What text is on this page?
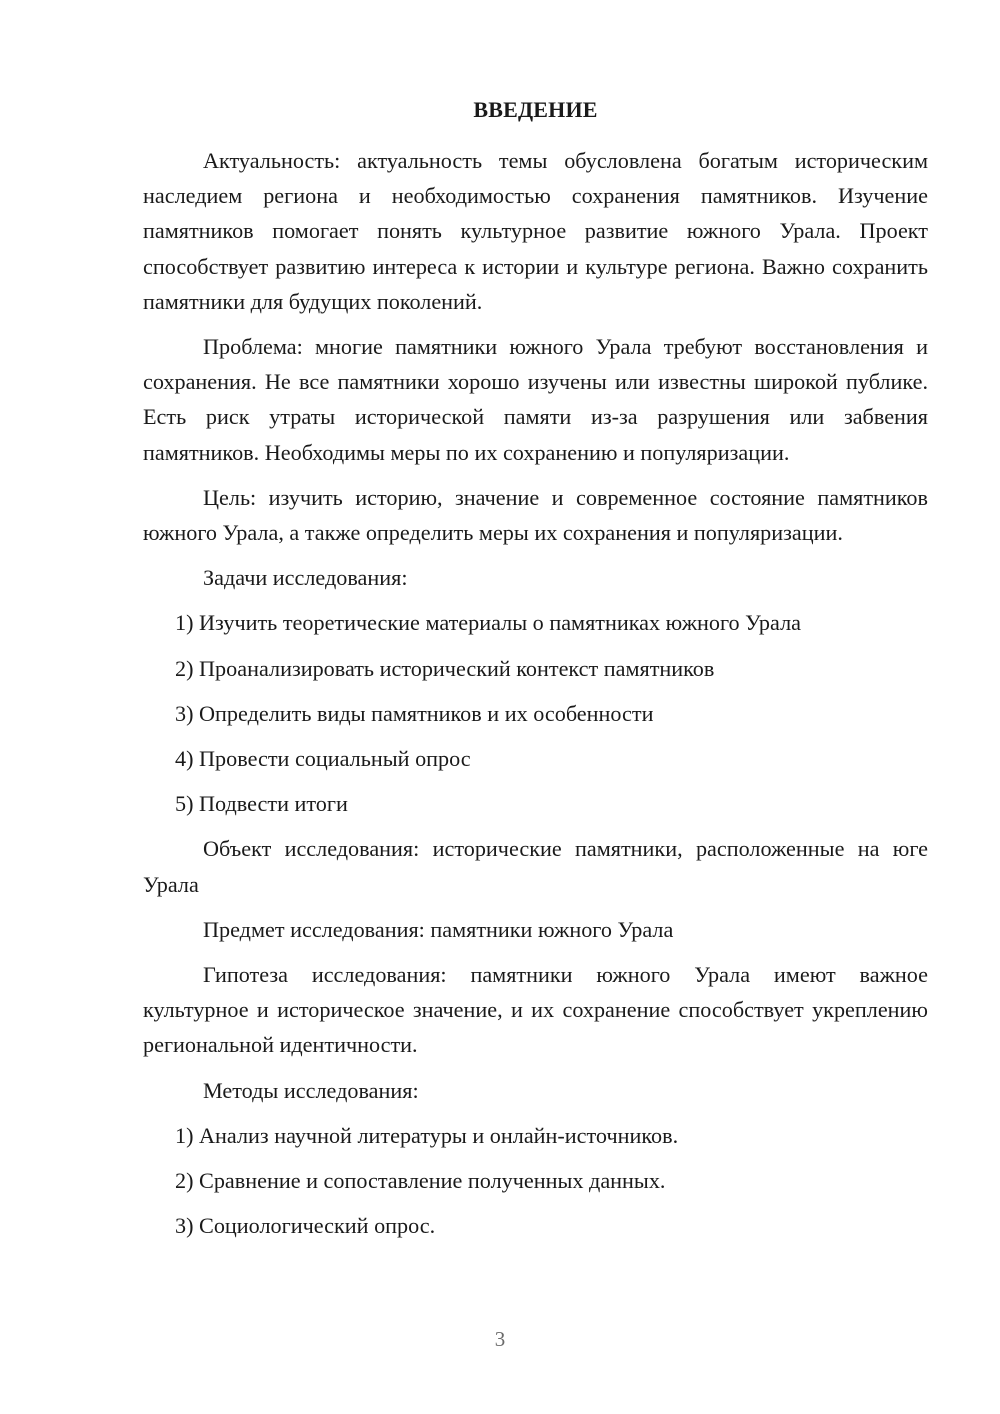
ВВЕДЕНИЕ

Актуальность: актуальность темы обусловлена богатым историческим наследием региона и необходимостью сохранения памятников. Изучение памятников помогает понять культурное развитие южного Урала. Проект способствует развитию интереса к истории и культуре региона. Важно сохранить памятники для будущих поколений.

Проблема: многие памятники южного Урала требуют восстановления и сохранения. Не все памятники хорошо изучены или известны широкой публике. Есть риск утраты исторической памяти из-за разрушения или забвения памятников. Необходимы меры по их сохранению и популяризации.

Цель: изучить историю, значение и современное состояние памятников южного Урала, а также определить меры их сохранения и популяризации.

Задачи исследования:

1) Изучить теоретические материалы о памятниках южного Урала
2) Проанализировать исторический контекст памятников
3) Определить виды памятников и их особенности
4) Провести социальный опрос
5) Подвести итоги

Объект исследования: исторические памятники, расположенные на юге Урала

Предмет исследования: памятники южного Урала

Гипотеза исследования: памятники южного Урала имеют важное культурное и историческое значение, и их сохранение способствует укреплению региональной идентичности.

Методы исследования:

1) Анализ научной литературы и онлайн-источников.
2) Сравнение и сопоставление полученных данных.
3) Социологический опрос.
3
